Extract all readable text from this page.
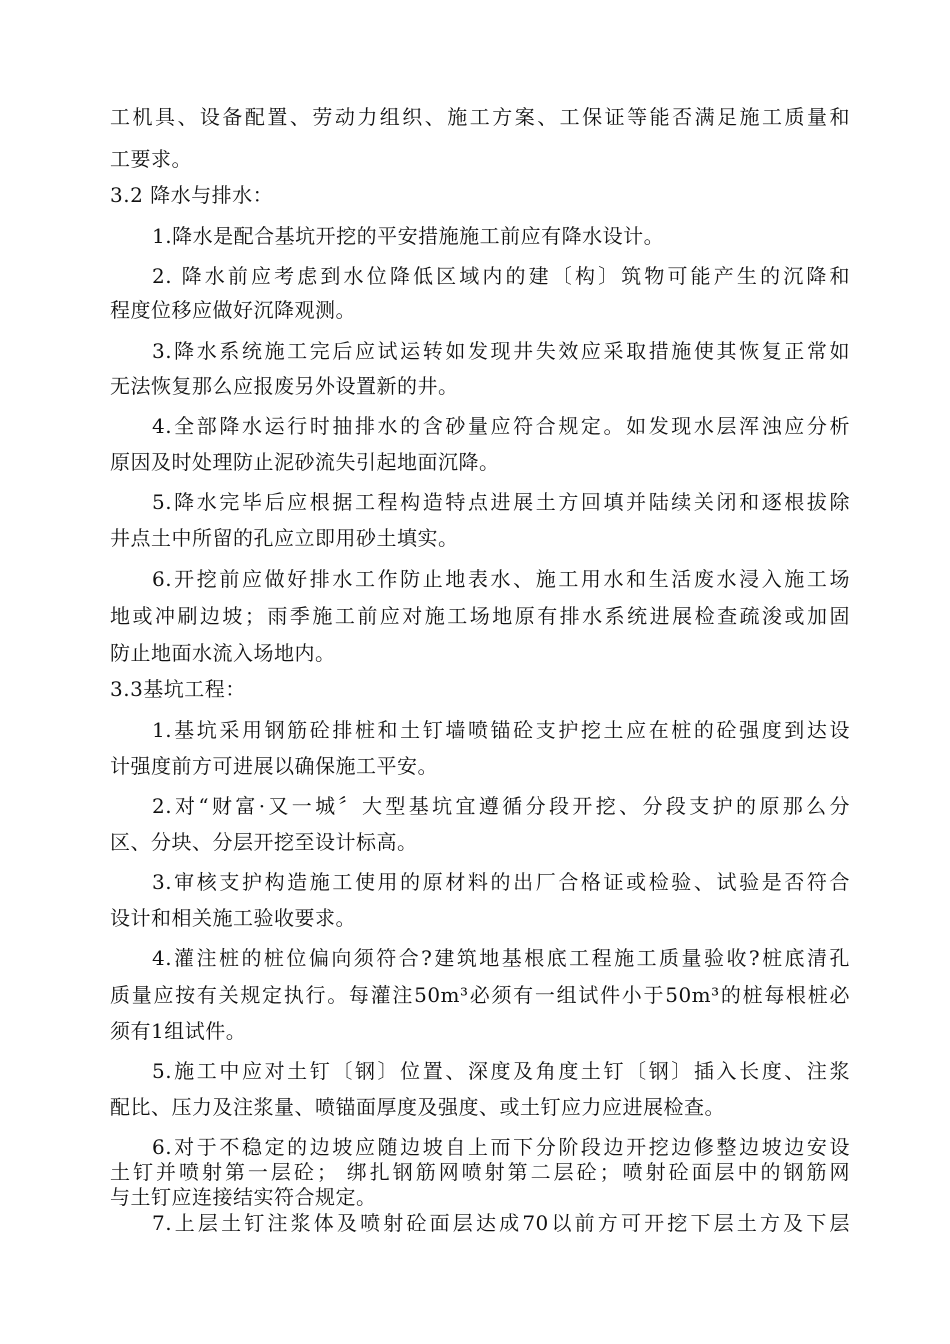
工机具、设备配置、劳动力组织、施工方案、工保证等能否满足施工质量和
工要求。
3.2 降水与排水：
1.降水是配合基坑开挖的平安措施施工前应有降水设计。
2. 降水前应考虑到水位降低区域内的建〔构〕筑物可能产生的沉降和
程度位移应做好沉降观测。
3.降水系统施工完后应试运转如发现井失效应采取措施使其恢复正常如
无法恢复那么应报废另外设置新的井。
4.全部降水运行时抽排水的含砂量应符合规定。如发现水层浑浊应分析
原因及时处理防止泥砂流失引起地面沉降。
5.降水完毕后应根据工程构造特点进展土方回填并陆续关闭和逐根拔除
井点土中所留的孔应立即用砂土填实。
6.开挖前应做好排水工作防止地表水、施工用水和生活废水浸入施工场
地或冲刷边坡；雨季施工前应对施工场地原有排水系统进展检查疏浚或加固
防止地面水流入场地内。
3.3基坑工程：
1.基坑采用钢筋砼排桩和土钉墙喷锚砼支护挖土应在桩的砼强度到达设
计强度前方可进展以确保施工平安。
2.对“财富·又一城〞大型基坑宜遵循分段开挖、分段支护的原那么分
区、分块、分层开挖至设计标高。
3.审核支护构造施工使用的原材料的出厂合格证或检验、试验是否符合
设计和相关施工验收要求。
4.灌注桩的桩位偏向须符合?建筑地基根底工程施工质量验收?桩底清孔
质量应按有关规定执行。每灌注50m³必须有一组试件小于50m³的桩每根桩必
须有1组试件。
5.施工中应对土钉〔钢〕位置、深度及角度土钉〔钢〕插入长度、注浆
配比、压力及注浆量、喷锚面厚度及强度、或土钉应力应进展检查。
6.对于不稳定的边坡应随边坡自上而下分阶段边开挖边修整边坡边安设
土钉并喷射第一层砼； 绑扎钢筋网喷射第二层砼；喷射砼面层中的钢筋网
与土钉应连接结实符合规定。
7.上层土钉注浆体及喷射砼面层达成70以前方可开挖下层土方及下层
